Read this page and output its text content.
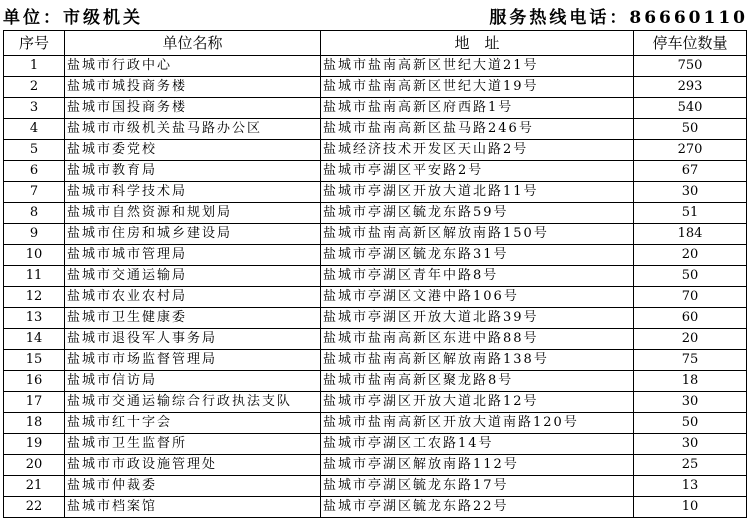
单位：市级机关	服务热线电话：86660110
序号	单位名称	地　址	停车位数量
1	盐城市行政中心	盐城市盐南高新区世纪大道21号	750
2	盐城市城投商务楼	盐城市盐南高新区世纪大道19号	293
3	盐城市国投商务楼	盐城市盐南高新区府西路1号	540
4	盐城市市级机关盐马路办公区	盐城市盐南高新区盐马路246号	50
5	盐城市委党校	盐城经济技术开发区天山路2号	270
6	盐城市教育局	盐城市亭湖区平安路2号	67
7	盐城市科学技术局	盐城市亭湖区开放大道北路11号	30
8	盐城市自然资源和规划局	盐城市亭湖区毓龙东路59号	51
9	盐城市住房和城乡建设局	盐城市盐南高新区解放南路150号	184
10	盐城市城市管理局	盐城市亭湖区毓龙东路31号	20
11	盐城市交通运输局	盐城市亭湖区青年中路8号	50
12	盐城市农业农村局	盐城市亭湖区文港中路106号	70
13	盐城市卫生健康委	盐城市亭湖区开放大道北路39号	60
14	盐城市退役军人事务局	盐城市盐南高新区东进中路88号	20
15	盐城市市场监督管理局	盐城市盐南高新区解放南路138号	75
16	盐城市信访局	盐城市盐南高新区聚龙路8号	18
17	盐城市交通运输综合行政执法支队	盐城市亭湖区开放大道北路12号	30
18	盐城市红十字会	盐城市盐南高新区开放大道南路120号	50
19	盐城市卫生监督所	盐城市亭湖区工农路14号	30
20	盐城市市政设施管理处	盐城市亭湖区解放南路112号	25
21	盐城市仲裁委	盐城市亭湖区毓龙东路17号	13
22	盐城市档案馆	盐城市亭湖区毓龙东路22号	10
